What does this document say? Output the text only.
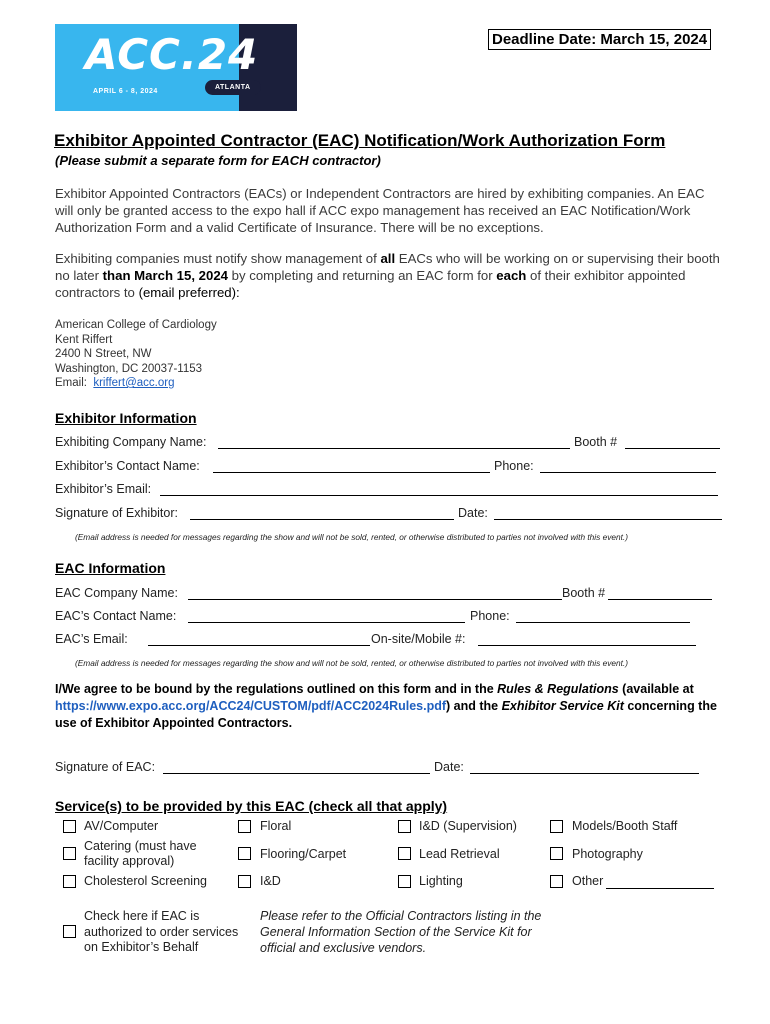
ACC.24
APRIL 6 - 8, 2024
ATLANTA
Deadline Date: March 15, 2024
Exhibitor Appointed Contractor (EAC) Notification/Work Authorization Form
(Please submit a separate form for EACH contractor)
Exhibitor Appointed Contractors (EACs) or Independent Contractors are hired by exhibiting companies. An EAC will only be granted access to the expo hall if ACC expo management has received an EAC Notification/Work Authorization Form and a valid Certificate of Insurance. There will be no exceptions.
Exhibiting companies must notify show management of all EACs who will be working on or supervising their booth no later than March 15, 2024 by completing and returning an EAC form for each of their exhibitor appointed contractors to (email preferred):
American College of Cardiology
Kent Riffert
2400 N Street, NW
Washington, DC 20037-1153
Email: kriffert@acc.org
Exhibitor Information
Exhibiting Company Name:	Booth #
Exhibitor’s Contact Name:	Phone:
Exhibitor’s Email:
Signature of Exhibitor:	Date:
(Email address is needed for messages regarding the show and will not be sold, rented, or otherwise distributed to parties not involved with this event.)
EAC Information
EAC Company Name:	Booth #
EAC’s Contact Name:	Phone:
EAC’s Email:	On-site/Mobile #:
(Email address is needed for messages regarding the show and will not be sold, rented, or otherwise distributed to parties not involved with this event.)
I/We agree to be bound by the regulations outlined on this form and in the Rules & Regulations (available at https://www.expo.acc.org/ACC24/CUSTOM/pdf/ACC2024Rules.pdf) and the Exhibitor Service Kit concerning the use of Exhibitor Appointed Contractors.
Signature of EAC:	Date:
Service(s) to be provided by this EAC (check all that apply)
AV/Computer	Floral	I&D (Supervision)	Models/Booth Staff
Catering (must have facility approval)	Flooring/Carpet	Lead Retrieval	Photography
Cholesterol Screening	I&D	Lighting	Other
Check here if EAC is authorized to order services on Exhibitor’s Behalf
Please refer to the Official Contractors listing in the General Information Section of the Service Kit for official and exclusive vendors.
